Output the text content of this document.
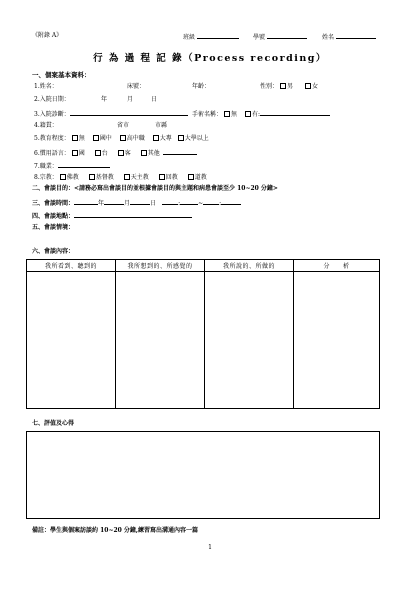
《附錄 A》	班級	學號	姓名
行 為 過 程 記 錄（Process recording）
一、個案基本資料：
1.姓名：	床號：	年齡：	性別： 男	女
2.入院日期：	年	月	日
3.入院診斷：	手術名稱： 無	有:
4.籍貫：	省市	市縣
5.教育程度： 無	國中	高中職	大專 大學以上
6.慣用語言： 國	台	客	其他
7.職業：
8.宗教： 佛教	基督教	天主教	回教	道教
二、會談目的：<請務必寫出會談目的並根據會談目的與主題和病患會談至少 10~20 分鐘>
三、會談時間：	年	月	日	:	~	:
四、會談地點：
五、會談情境：
六、會談內容：
我所看到、聽到的	我所想到的、所感覺的	我所說的、所做的	分　　析

七、評值及心得
備註：學生與個案訪談約 10~20 分鐘,練習寫出溝通內容一篇
1
